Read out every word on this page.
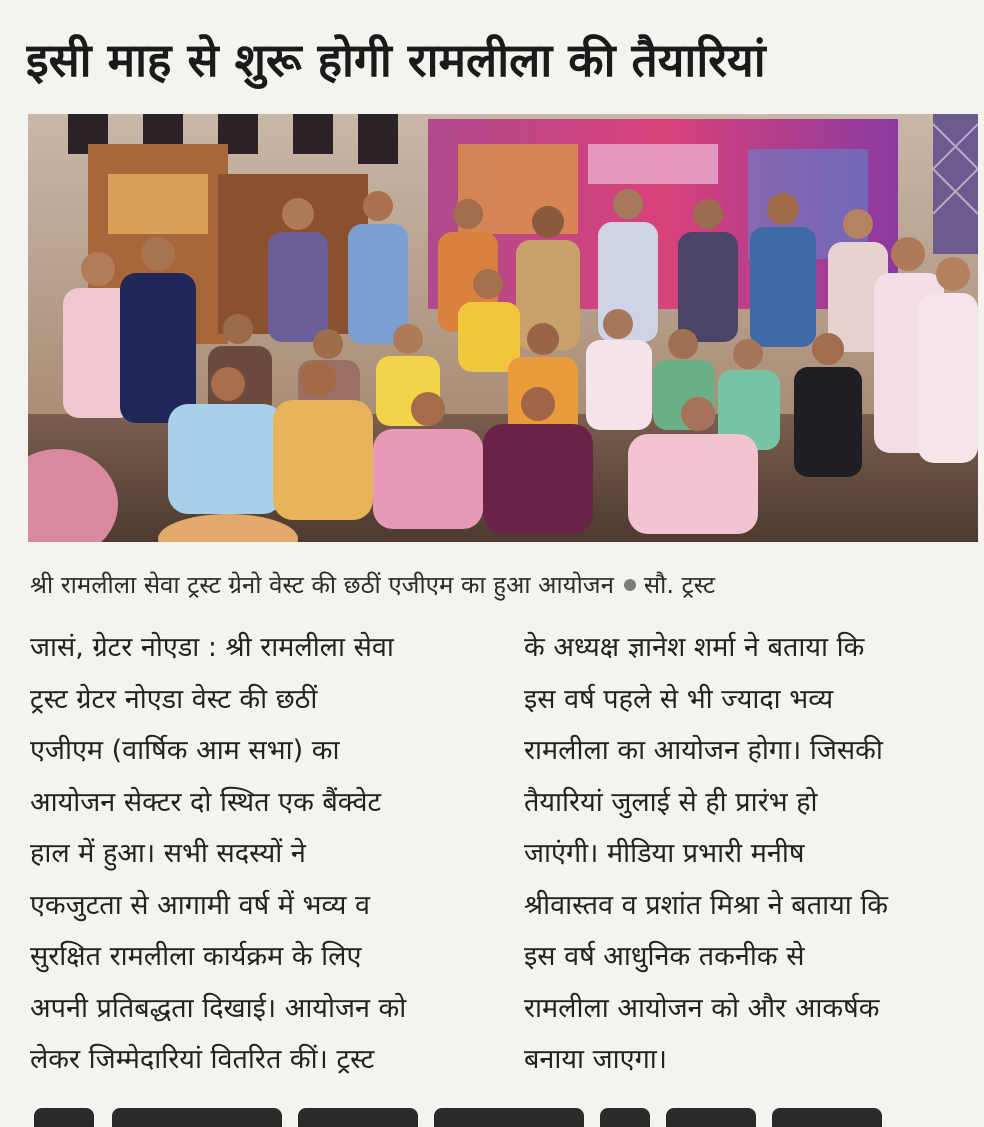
इसी माह से शुरू होगी रामलीला की तैयारियां
श्री रामलीला सेवा ट्रस्ट ग्रेनो वेस्ट की छठीं एजीएम का हुआ आयोजन सौ. ट्रस्ट
जासं, ग्रेटर नोएडा : श्री रामलीला सेवा
ट्रस्ट ग्रेटर नोएडा वेस्ट की छठीं
एजीएम (वार्षिक आम सभा) का
आयोजन सेक्टर दो स्थित एक बैंक्वेट
हाल में हुआ। सभी सदस्यों ने
एकजुटता से आगामी वर्ष में भव्य व
सुरक्षित रामलीला कार्यक्रम के लिए
अपनी प्रतिबद्धता दिखाई। आयोजन को
लेकर जिम्मेदारियां वितरित कीं। ट्रस्ट
के अध्यक्ष ज्ञानेश शर्मा ने बताया कि
इस वर्ष पहले से भी ज्यादा भव्य
रामलीला का आयोजन होगा। जिसकी
तैयारियां जुलाई से ही प्रारंभ हो
जाएंगी। मीडिया प्रभारी मनीष
श्रीवास्तव व प्रशांत मिश्रा ने बताया कि
इस वर्ष आधुनिक तकनीक से
रामलीला आयोजन को और आकर्षक
बनाया जाएगा।
